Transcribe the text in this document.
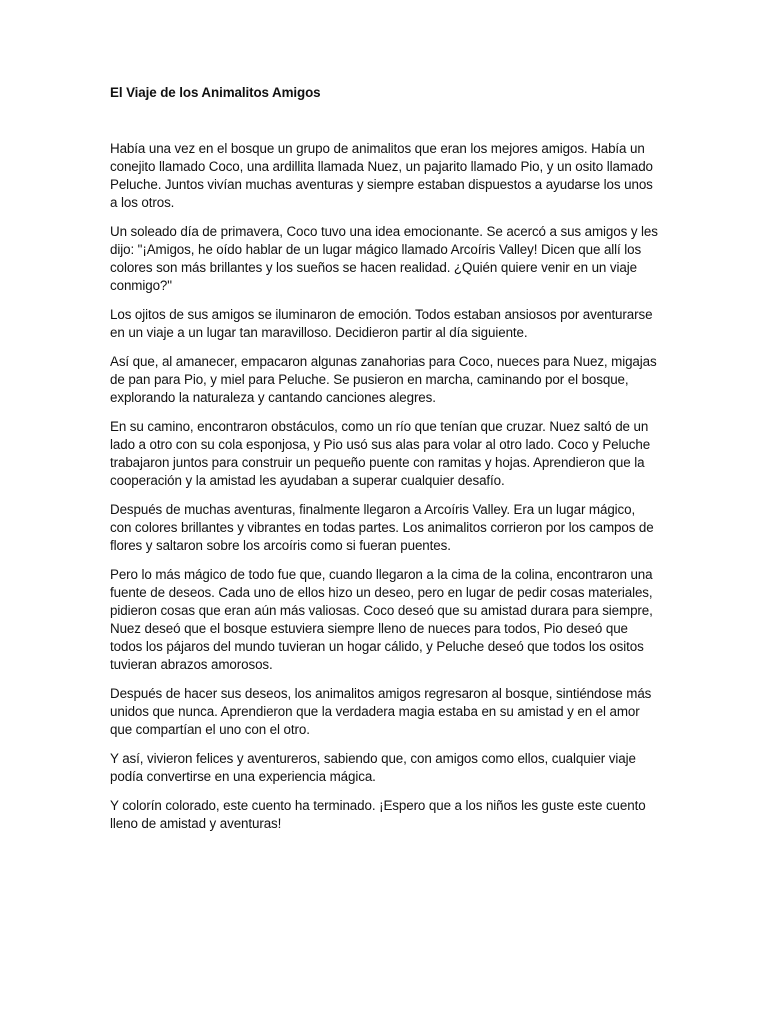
El Viaje de los Animalitos Amigos

Había una vez en el bosque un grupo de animalitos que eran los mejores amigos. Había un conejito llamado Coco, una ardillita llamada Nuez, un pajarito llamado Pio, y un osito llamado Peluche. Juntos vivían muchas aventuras y siempre estaban dispuestos a ayudarse los unos a los otros.

Un soleado día de primavera, Coco tuvo una idea emocionante. Se acercó a sus amigos y les dijo: "¡Amigos, he oído hablar de un lugar mágico llamado Arcoíris Valley! Dicen que allí los colores son más brillantes y los sueños se hacen realidad. ¿Quién quiere venir en un viaje conmigo?"

Los ojitos de sus amigos se iluminaron de emoción. Todos estaban ansiosos por aventurarse en un viaje a un lugar tan maravilloso. Decidieron partir al día siguiente.

Así que, al amanecer, empacaron algunas zanahorias para Coco, nueces para Nuez, migajas de pan para Pio, y miel para Peluche. Se pusieron en marcha, caminando por el bosque, explorando la naturaleza y cantando canciones alegres.

En su camino, encontraron obstáculos, como un río que tenían que cruzar. Nuez saltó de un lado a otro con su cola esponjosa, y Pio usó sus alas para volar al otro lado. Coco y Peluche trabajaron juntos para construir un pequeño puente con ramitas y hojas. Aprendieron que la cooperación y la amistad les ayudaban a superar cualquier desafío.

Después de muchas aventuras, finalmente llegaron a Arcoíris Valley. Era un lugar mágico, con colores brillantes y vibrantes en todas partes. Los animalitos corrieron por los campos de flores y saltaron sobre los arcoíris como si fueran puentes.

Pero lo más mágico de todo fue que, cuando llegaron a la cima de la colina, encontraron una fuente de deseos. Cada uno de ellos hizo un deseo, pero en lugar de pedir cosas materiales, pidieron cosas que eran aún más valiosas. Coco deseó que su amistad durara para siempre, Nuez deseó que el bosque estuviera siempre lleno de nueces para todos, Pio deseó que todos los pájaros del mundo tuvieran un hogar cálido, y Peluche deseó que todos los ositos tuvieran abrazos amorosos.

Después de hacer sus deseos, los animalitos amigos regresaron al bosque, sintiéndose más unidos que nunca. Aprendieron que la verdadera magia estaba en su amistad y en el amor que compartían el uno con el otro.

Y así, vivieron felices y aventureros, sabiendo que, con amigos como ellos, cualquier viaje podía convertirse en una experiencia mágica.

Y colorín colorado, este cuento ha terminado. ¡Espero que a los niños les guste este cuento lleno de amistad y aventuras!
